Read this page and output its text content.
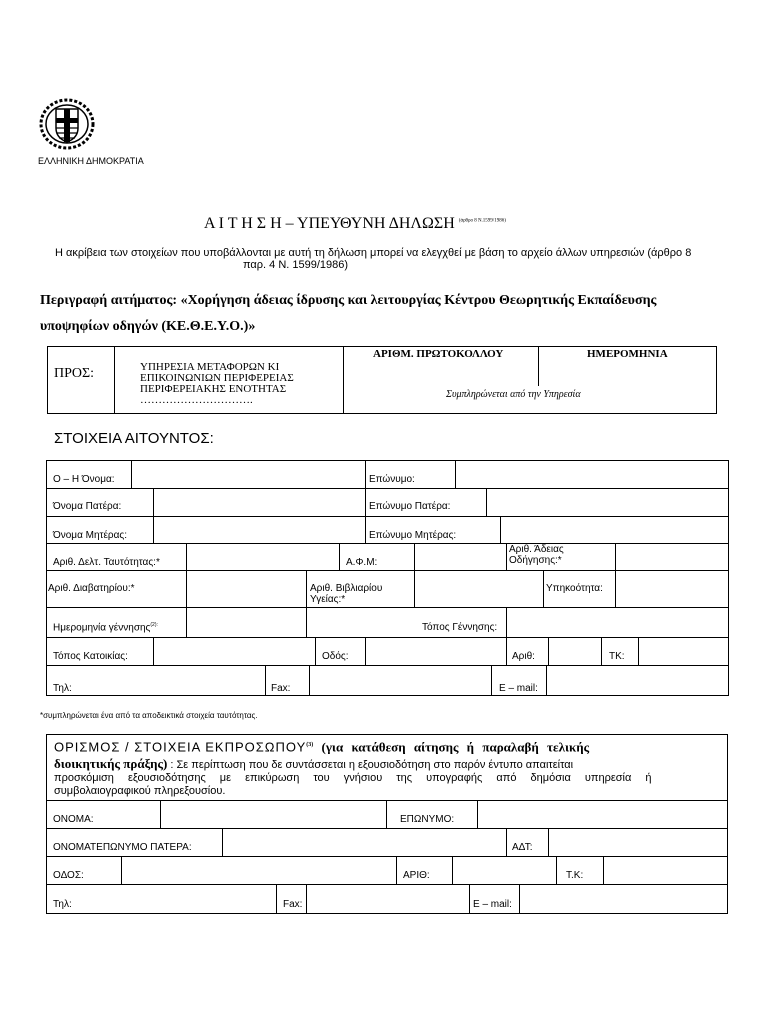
ΕΛΛΗΝΙΚΗ ΔΗΜΟΚΡΑΤΙΑ
Α Ι Τ Η Σ Η – ΥΠΕΥΘΥΝΗ ΔΗΛΩΣΗ $^{(ά\rho\theta\rho o 8 N.1599/1986)}$
Η ακρίβεια των στοιχείων που υποβάλλονται με αυτή τη δήλωση μπορεί να ελεγχθεί με βάση το αρχείο άλλων υπηρεσιών (άρθρο 8
παρ. 4 Ν. 1599/1986)
Περιγραφή αιτήματος: «Χορήγηση άδειας ίδρυσης και λειτουργίας Κέντρου Θεωρητικής Εκπαίδευσης
υποψηφίων οδηγών (ΚΕ.Θ.Ε.Υ.Ο.)»
ΠΡΟΣ:	ΥΠΗΡΕΣΙΑ ΜΕΤΑΦΟΡΩΝ ΚΙ
ΕΠΙΚΟΙΝΩΝΙΩΝ ΠΕΡΙΦΕΡΕΙΑΣ
ΠΕΡΙΦΕΡΕΙΑΚΗΣ ΕΝΟΤΗΤΑΣ
………………………….
ΑΡΙΘΜ. ΠΡΩΤΟΚΟΛΛΟΥ	ΗΜΕΡΟΜΗΝΙΑ
Συμπληρώνεται από την Υπηρεσία
ΣΤΟΙΧΕΙΑ ΑΙΤΟΥΝΤΟΣ:
Ο – Η Όνομα:	Επώνυμο:
Όνομα Πατέρα:	Επώνυμο Πατέρα:
Όνομα Μητέρας:	Επώνυμο Μητέρας:
Αριθ. Δελτ. Ταυτότητας:*	Α.Φ.Μ:
Αριθ. Άδειας
Οδήγησης:*
Αριθ. Διαβατηρίου:*	Αριθ. Βιβλιαρίου
Υγείας:*
Υπηκοότητα:
Ημερομηνία γέννησης$^{(2):}$	Τόπος Γέννησης:
Τόπος Κατοικίας:	Οδός:	Αριθ:	ΤΚ:
Τηλ:	Fax:	Ε – mail:
*συμπληρώνεται ένα από τα αποδεικτικά στοιχεία ταυτότητας.
ΟΡΙΣΜΟΣ / ΣΤΟΙΧΕΙΑ ΕΚΠΡΟΣΩΠΟΥ$^{(3)}$ (για κατάθεση αίτησης ή παραλαβή τελικής
διοικητικής πράξης) : Σε περίπτωση που δε συντάσσεται η εξουσιοδότηση στο παρόν έντυπο απαιτείται
προσκόμιση εξουσιοδότησης με επικύρωση του γνήσιου της υπογραφής από δημόσια υπηρεσία ή
συμβολαιογραφικού πληρεξουσίου.
ΟΝΟΜΑ:	ΕΠΩΝΥΜΟ:
ΟΝΟΜΑΤΕΠΩΝΥΜΟ ΠΑΤΕΡΑ:	ΑΔΤ:
ΟΔΟΣ:	ΑΡΙΘ:	Τ.Κ:
Τηλ:	Fax:	Ε – mail:
